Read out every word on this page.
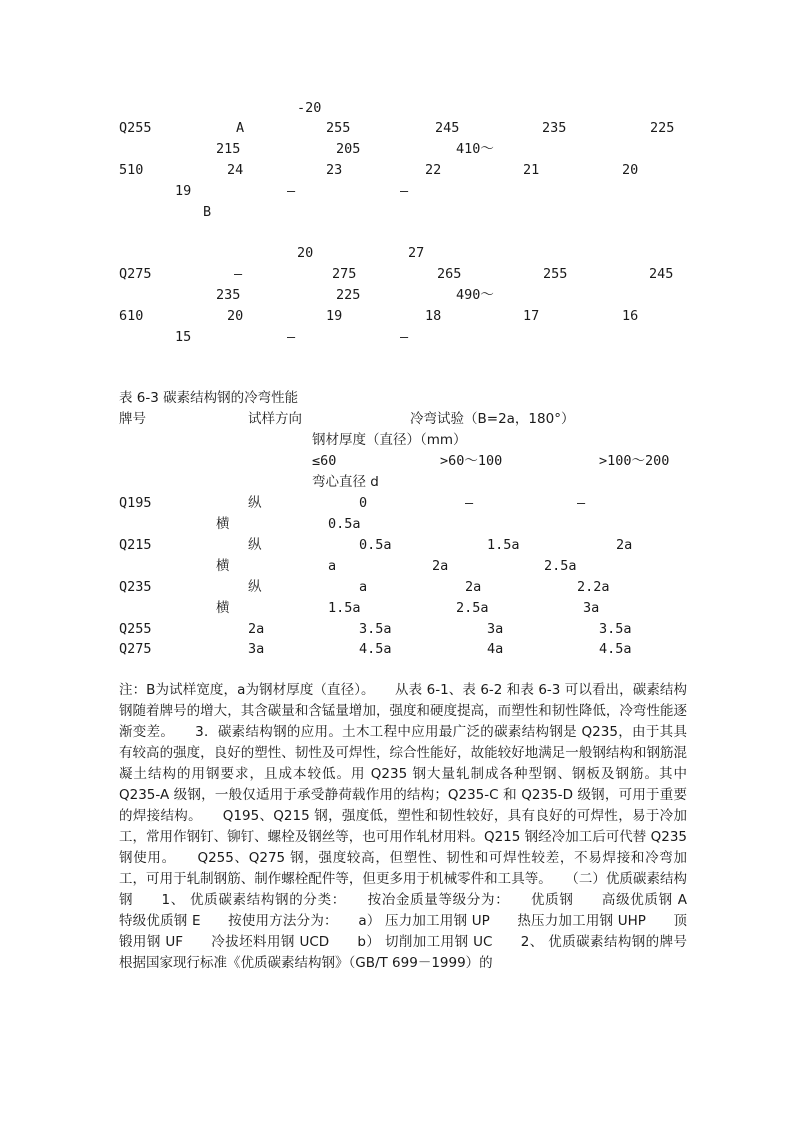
-20
Q255	A	255	245	235	225
215	205	410～
510	24	23	22	21	20
19	—	—
B
20	27
Q275	—	275	265	255	245
235	225	490～
610	20	19	18	17	16
15	—	—
表 6-3 碳素结构钢的冷弯性能
牌号	试样方向	冷弯试验（B=2a，180°）
钢材厚度（直径）（mm）
≤60	>60～100	>100～200
弯心直径 d
Q195	纵	0	—	—
横	0.5a
Q215	纵	0.5a	1.5a	2a
横	a	2a	2.5a
Q235	纵	a	2a	2.2a
横	1.5a	2.5a	3a
Q255	2a	3.5a	3a	3.5a
Q275	3a	4.5a	4a	4.5a
注：B为试样宽度，a为钢材厚度（直径）。　　从表 6-1、表 6-2 和表 6-3 可以看出，碳素结构钢随着牌号的增大，其含碳量和含锰量增加，强度和硬度提高，而塑性和韧性降低，冷弯性能逐渐变差。　　3．碳素结构钢的应用。土木工程中应用最广泛的碳素结构钢是 Q235，由于其具有较高的强度，良好的塑性、韧性及可焊性，综合性能好，故能较好地满足一般钢结构和钢筋混凝土结构的用钢要求，且成本较低。用 Q235 钢大量轧制成各种型钢、钢板及钢筋。其中 Q235-A 级钢，一般仅适用于承受静荷载作用的结构；Q235-C 和 Q235-D 级钢，可用于重要的焊接结构。　　Q195、Q215 钢，强度低，塑性和韧性较好，具有良好的可焊性，易于冷加工，常用作钢钉、铆钉、螺栓及钢丝等，也可用作轧材用料。Q215 钢经冷加工后可代替 Q235 钢使用。　　Q255、Q275 钢，强度较高，但塑性、韧性和可焊性较差，不易焊接和冷弯加工，可用于轧制钢筋、制作螺栓配件等，但更多用于机械零件和工具等。　　（二）优质碳素结构钢　　1、 优质碳素结构钢的分类：　　按冶金质量等级分为：　　优质钢　　高级优质钢 A　　特级优质钢 E　　按使用方法分为：　　a） 压力加工用钢 UP　　热压力加工用钢 UHP　　顶锻用钢 UF　　冷拔坯料用钢 UCD　　b） 切削加工用钢 UC　　2、 优质碳素结构钢的牌号　　根据国家现行标准《优质碳素结构钢》（GB/T 699－1999）的
